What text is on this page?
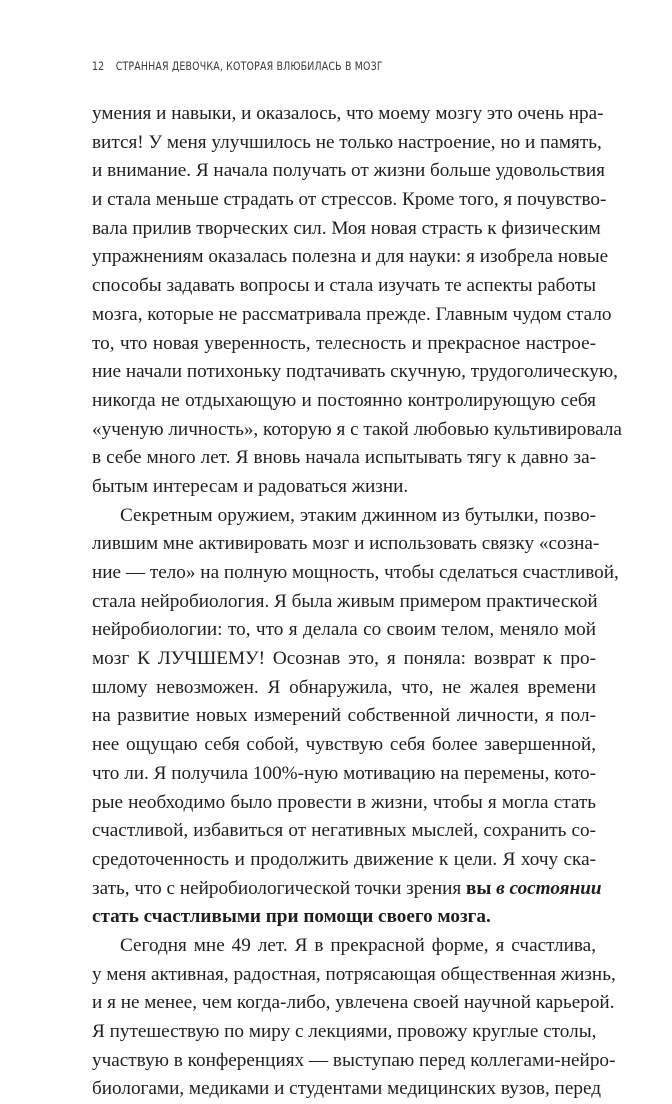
12 СТРАННАЯ ДЕВОЧКА, КОТОРАЯ ВЛЮБИЛАСЬ В МОЗГ
умения и навыки, и оказалось, что моему мозгу это очень нра-
вится! У меня улучшилось не только настроение, но и память,
и внимание. Я начала получать от жизни больше удовольствия
и стала меньше страдать от стрессов. Кроме того, я почувство-
вала прилив творческих сил. Моя новая страсть к физическим
упражнениям оказалась полезна и для науки: я изобрела новые
способы задавать вопросы и стала изучать те аспекты работы
мозга, которые не рассматривала прежде. Главным чудом стало
то, что новая уверенность, телесность и прекрасное настрое-
ние начали потихоньку подтачивать скучную, трудоголическую,
никогда не отдыхающую и постоянно контролирующую себя
«ученую личность», которую я с такой любовью культивировала
в себе много лет. Я вновь начала испытывать тягу к давно за-
бытым интересам и радоваться жизни.
Секретным оружием, этаким джинном из бутылки, позво-
лившим мне активировать мозг и использовать связку «созна-
ние — тело» на полную мощность, чтобы сделаться счастливой,
стала нейробиология. Я была живым примером практической
нейробиологии: то, что я делала со своим телом, меняло мой
мозг К ЛУЧШЕМУ! Осознав это, я поняла: возврат к про-
шлому невозможен. Я обнаружила, что, не жалея времени
на развитие новых измерений собственной личности, я пол-
нее ощущаю себя собой, чувствую себя более завершенной,
что ли. Я получила 100%-ную мотивацию на перемены, кото-
рые необходимо было провести в жизни, чтобы я могла стать
счастливой, избавиться от негативных мыслей, сохранить со-
средоточенность и продолжить движение к цели. Я хочу ска-
зать, что с нейробиологической точки зрения вы в состоянии
стать счастливыми при помощи своего мозга.
Сегодня мне 49 лет. Я в прекрасной форме, я счастлива,
у меня активная, радостная, потрясающая общественная жизнь,
и я не менее, чем когда-либо, увлечена своей научной карьерой.
Я путешествую по миру с лекциями, провожу круглые столы,
участвую в конференциях — выступаю перед коллегами-нейро-
биологами, медиками и студентами медицинских вузов, перед
